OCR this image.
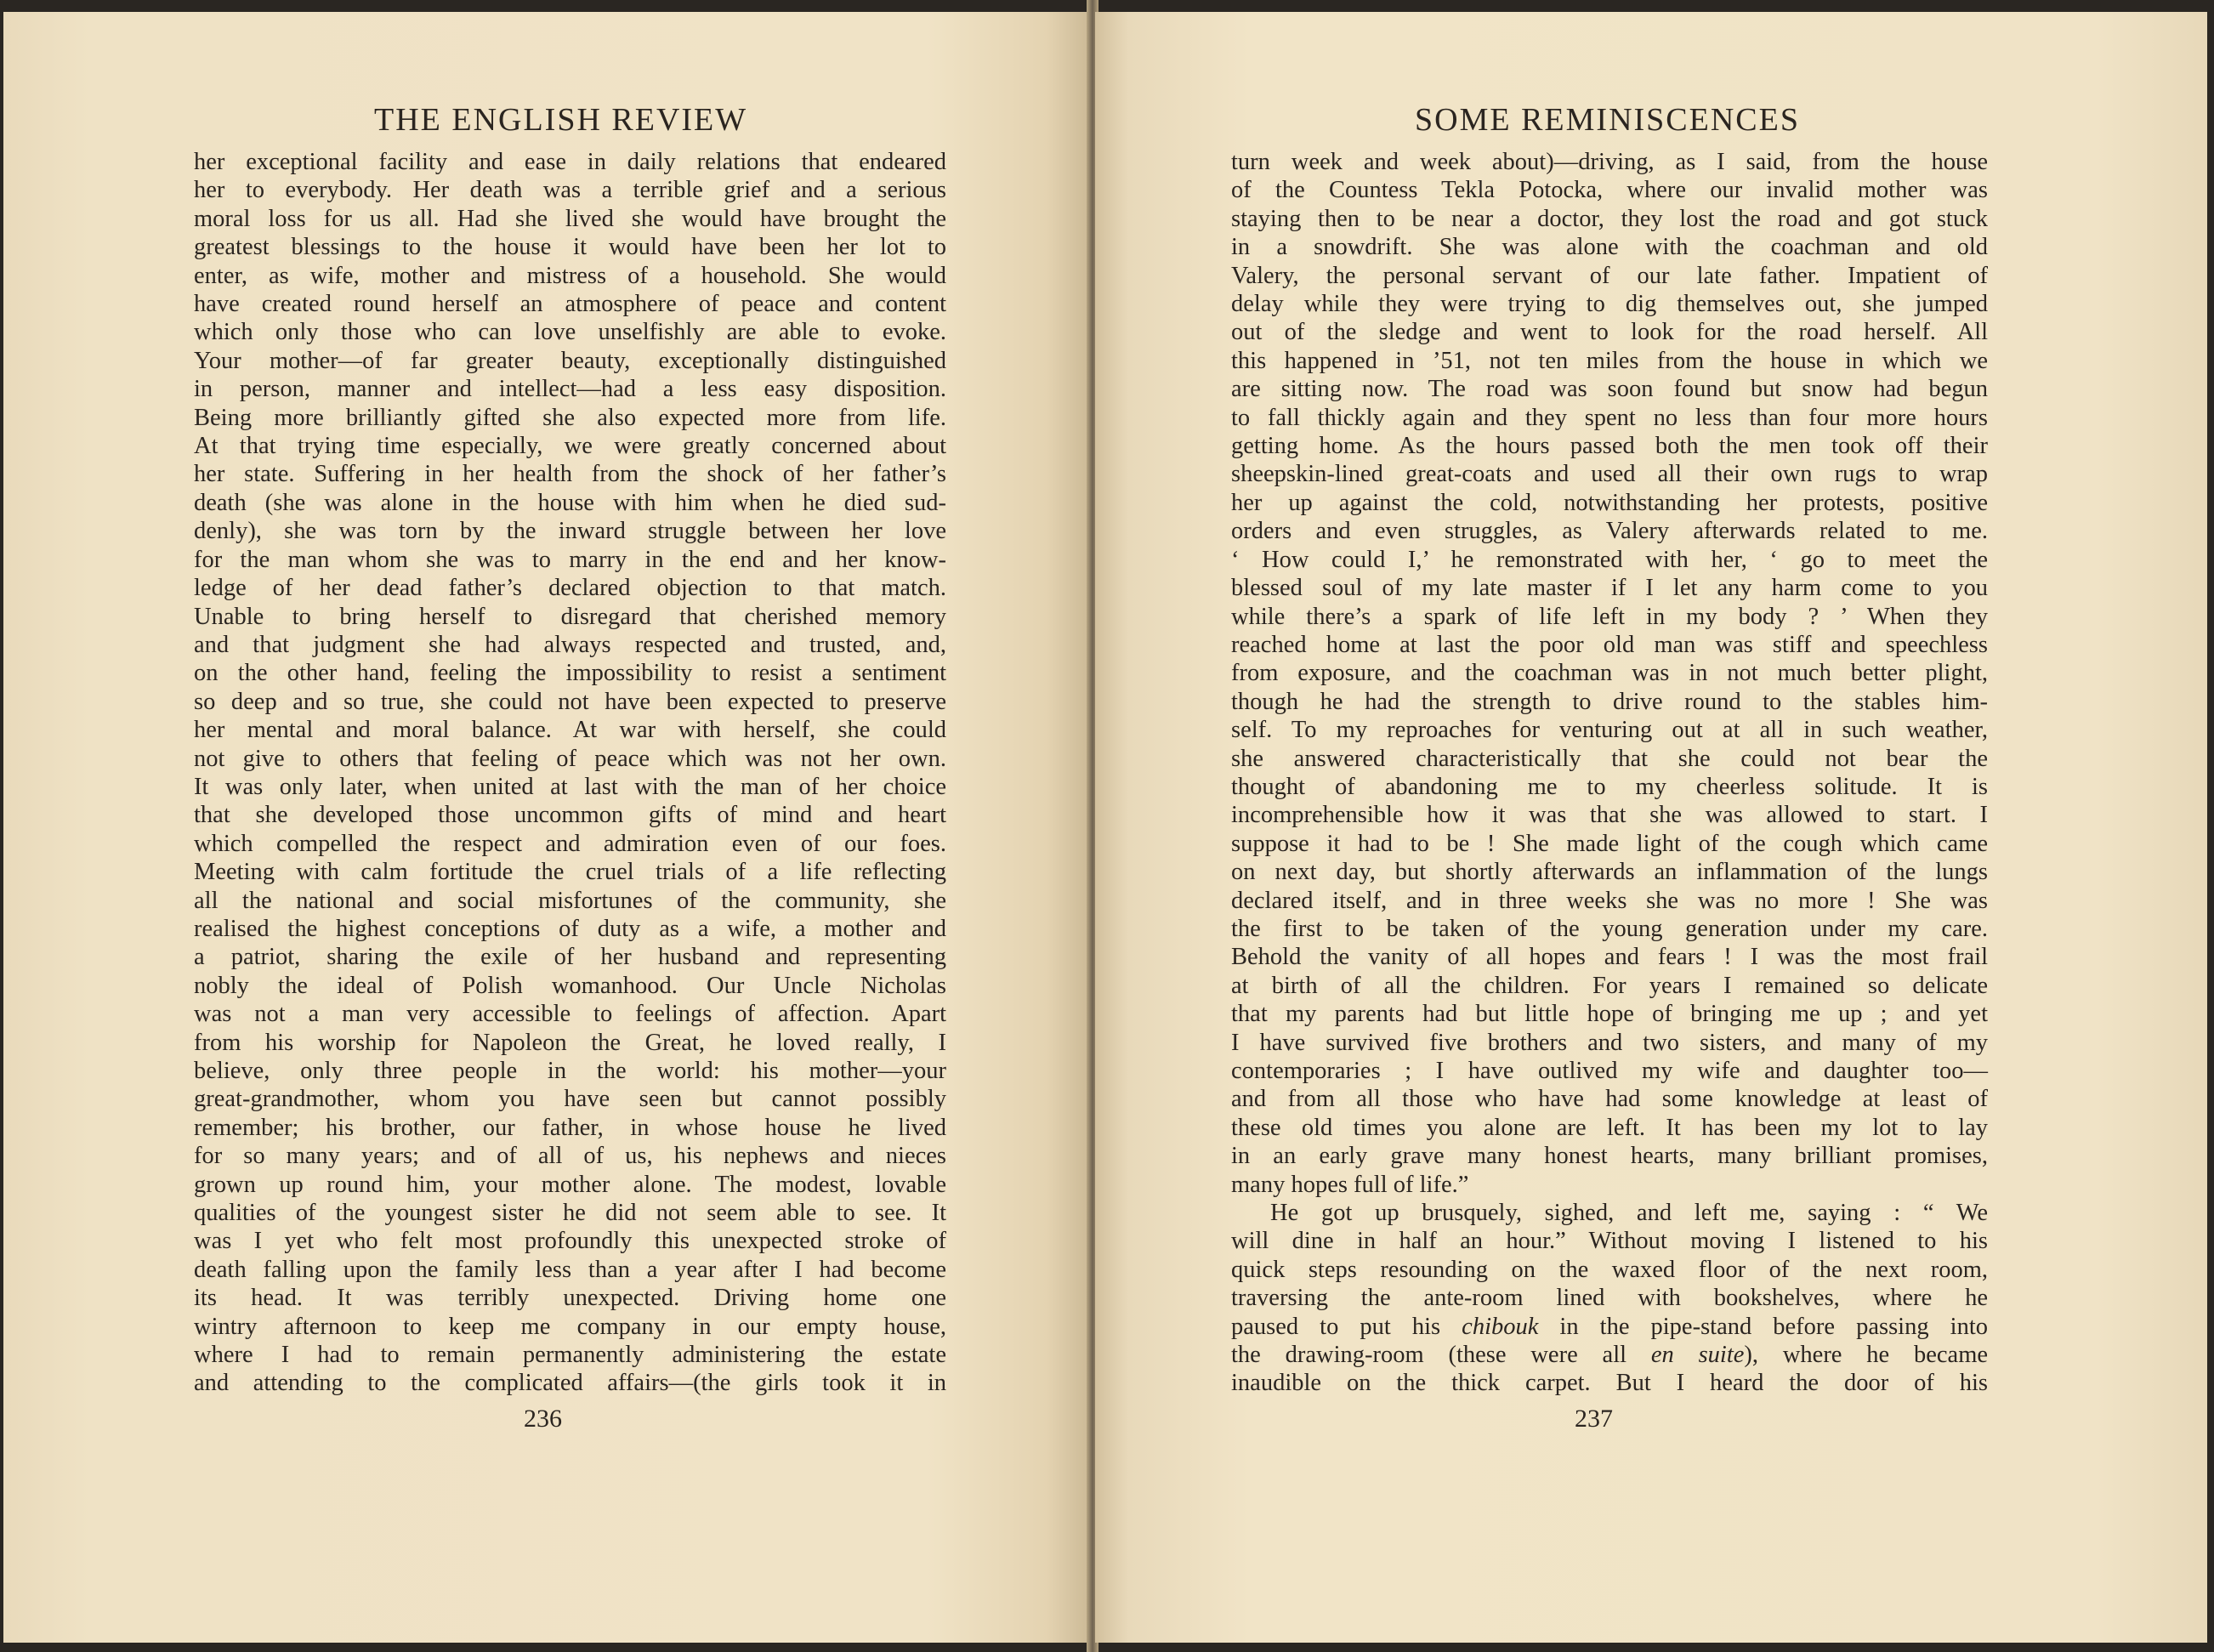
THE ENGLISH REVIEW
her exceptional facility and ease in daily relations that endeared
her to everybody. Her death was a terrible grief and a serious
moral loss for us all. Had she lived she would have brought the
greatest blessings to the house it would have been her lot to
enter, as wife, mother and mistress of a household. She would
have created round herself an atmosphere of peace and content
which only those who can love unselfishly are able to evoke.
Your mother—of far greater beauty, exceptionally distinguished
in person, manner and intellect—had a less easy disposition.
Being more brilliantly gifted she also expected more from life.
At that trying time especially, we were greatly concerned about
her state. Suffering in her health from the shock of her father’s
death (she was alone in the house with him when he died sud-
denly), she was torn by the inward struggle between her love
for the man whom she was to marry in the end and her know-
ledge of her dead father’s declared objection to that match.
Unable to bring herself to disregard that cherished memory
and that judgment she had always respected and trusted, and,
on the other hand, feeling the impossibility to resist a sentiment
so deep and so true, she could not have been expected to preserve
her mental and moral balance. At war with herself, she could
not give to others that feeling of peace which was not her own.
It was only later, when united at last with the man of her choice
that she developed those uncommon gifts of mind and heart
which compelled the respect and admiration even of our foes.
Meeting with calm fortitude the cruel trials of a life reflecting
all the national and social misfortunes of the community, she
realised the highest conceptions of duty as a wife, a mother and
a patriot, sharing the exile of her husband and representing
nobly the ideal of Polish womanhood. Our Uncle Nicholas
was not a man very accessible to feelings of affection. Apart
from his worship for Napoleon the Great, he loved really, I
believe, only three people in the world: his mother—your
great-grandmother, whom you have seen but cannot possibly
remember; his brother, our father, in whose house he lived
for so many years; and of all of us, his nephews and nieces
grown up round him, your mother alone. The modest, lovable
qualities of the youngest sister he did not seem able to see. It
was I yet who felt most profoundly this unexpected stroke of
death falling upon the family less than a year after I had become
its head. It was terribly unexpected. Driving home one
wintry afternoon to keep me company in our empty house,
where I had to remain permanently administering the estate
and attending to the complicated affairs—(the girls took it in
236
SOME REMINISCENCES
turn week and week about)—driving, as I said, from the house
of the Countess Tekla Potocka, where our invalid mother was
staying then to be near a doctor, they lost the road and got stuck
in a snowdrift. She was alone with the coachman and old
Valery, the personal servant of our late father. Impatient of
delay while they were trying to dig themselves out, she jumped
out of the sledge and went to look for the road herself. All
this happened in ’51, not ten miles from the house in which we
are sitting now. The road was soon found but snow had begun
to fall thickly again and they spent no less than four more hours
getting home. As the hours passed both the men took off their
sheepskin-lined great-coats and used all their own rugs to wrap
her up against the cold, notwithstanding her protests, positive
orders and even struggles, as Valery afterwards related to me.
‘ How could I,’ he remonstrated with her, ‘ go to meet the
blessed soul of my late master if I let any harm come to you
while there’s a spark of life left in my body ? ’ When they
reached home at last the poor old man was stiff and speechless
from exposure, and the coachman was in not much better plight,
though he had the strength to drive round to the stables him-
self. To my reproaches for venturing out at all in such weather,
she answered characteristically that she could not bear the
thought of abandoning me to my cheerless solitude. It is
incomprehensible how it was that she was allowed to start. I
suppose it had to be ! She made light of the cough which came
on next day, but shortly afterwards an inflammation of the lungs
declared itself, and in three weeks she was no more ! She was
the first to be taken of the young generation under my care.
Behold the vanity of all hopes and fears ! I was the most frail
at birth of all the children. For years I remained so delicate
that my parents had but little hope of bringing me up ; and yet
I have survived five brothers and two sisters, and many of my
contemporaries ; I have outlived my wife and daughter too—
and from all those who have had some knowledge at least of
these old times you alone are left. It has been my lot to lay
in an early grave many honest hearts, many brilliant promises,
many hopes full of life.”
He got up brusquely, sighed, and left me, saying : “ We
will dine in half an hour.” Without moving I listened to his
quick steps resounding on the waxed floor of the next room,
traversing the ante-room lined with bookshelves, where he
paused to put his chibouk in the pipe-stand before passing into
the drawing-room (these were all en suite), where he became
inaudible on the thick carpet. But I heard the door of his
237
